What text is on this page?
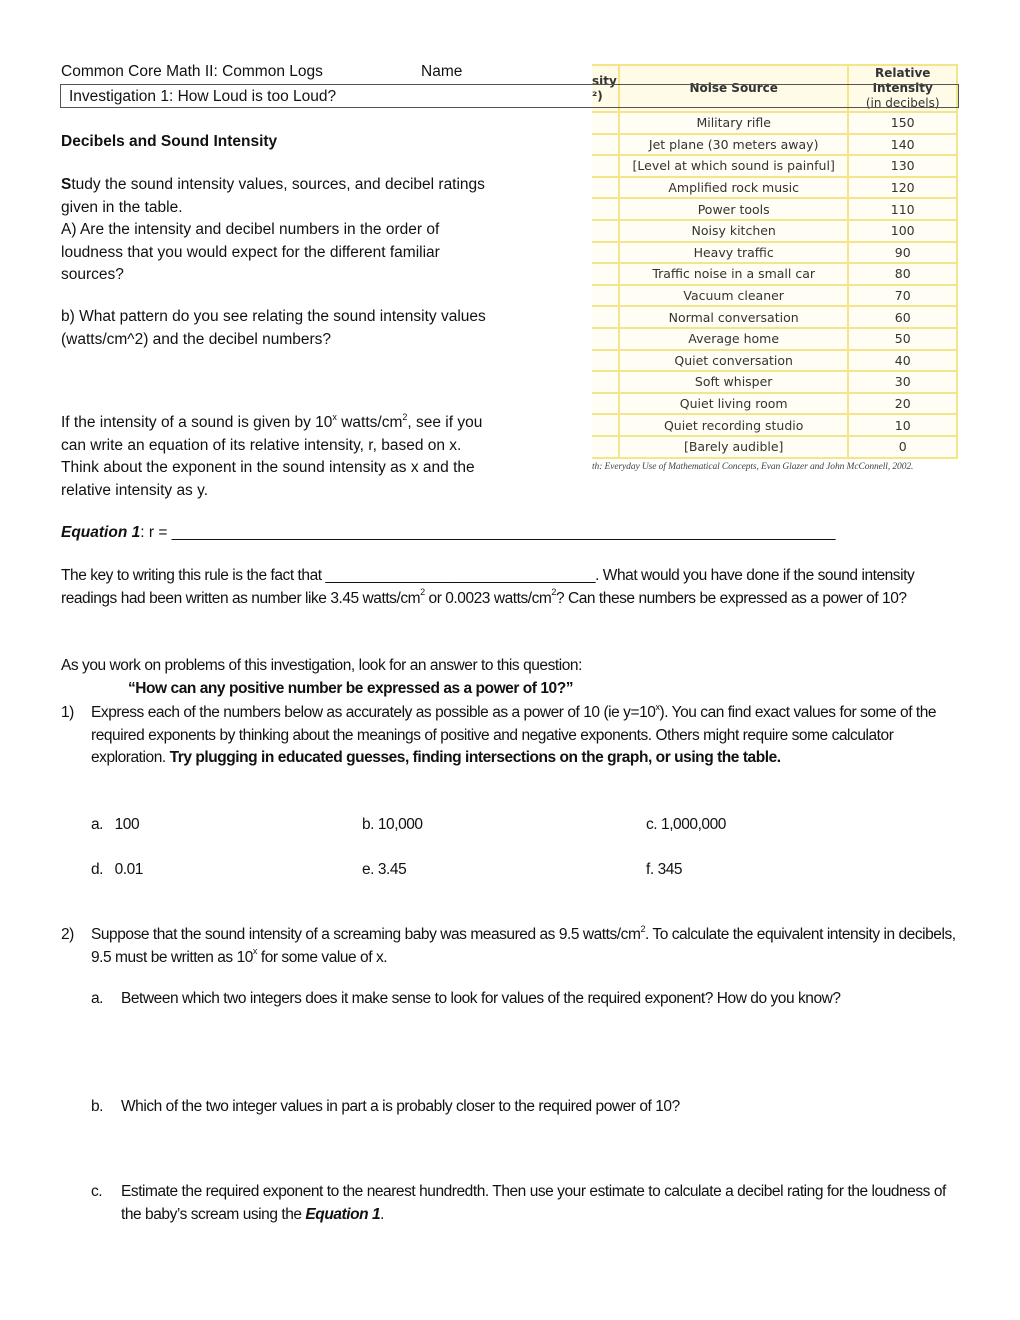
Common Core Math II: Common Logs	Name
Investigation 1: How Loud is too Loud?
sity
²)	Noise Source	Relative Intensity
(in decibels)
	Military rifle	150
	Jet plane (30 meters away)	140
	[Level at which sound is painful]	130
	Amplified rock music	120
	Power tools	110
	Noisy kitchen	100
	Heavy traffic	90
	Traffic noise in a small car	80
	Vacuum cleaner	70
	Normal conversation	60
	Average home	50
	Quiet conversation	40
	Soft whisper	30
	Quiet living room	20
	Quiet recording studio	10
	[Barely audible]	0
th: Everyday Use of Mathematical Concepts, Evan Glazer and John McConnell, 2002.
Decibels and Sound Intensity
Study the sound intensity values, sources, and decibel ratings given in the table.
A) Are the intensity and decibel numbers in the order of loudness that you would expect for the different familiar sources?
b) What pattern do you see relating the sound intensity values (watts/cm^2) and the decibel numbers?
If the intensity of a sound is given by 10$^x$ watts/$cm^2$, see if you can write an equation of its relative intensity, r, based on x. Think about the exponent in the sound intensity as x and the relative intensity as y.
Equation 1: r = _____________________________________________________________________________
The key to writing this rule is the fact that _________________________________. What would you have done if the sound intensity readings had been written as number like 3.45 watts/$cm^2$ or 0.0023 watts/$cm^2$? Can these numbers be expressed as a power of 10?
As you work on problems of this investigation, look for an answer to this question:
“How can any positive number be expressed as a power of 10?”
1) Express each of the numbers below as accurately as possible as a power of 10 (ie $y=10^x$). You can find exact values for some of the required exponents by thinking about the meanings of positive and negative exponents. Others might require some calculator exploration. Try plugging in educated guesses, finding intersections on the graph, or using the table.
a. 100	b. 10,000	c. 1,000,000
d. 0.01	e. 3.45	f. 345
2) Suppose that the sound intensity of a screaming baby was measured as 9.5 watts/$cm^2$. To calculate the equivalent intensity in decibels, 9.5 must be written as 10$^x$ for some value of x.
a. Between which two integers does it make sense to look for values of the required exponent? How do you know?
b. Which of the two integer values in part a is probably closer to the required power of 10?
c. Estimate the required exponent to the nearest hundredth. Then use your estimate to calculate a decibel rating for the loudness of the baby’s scream using the Equation 1.
